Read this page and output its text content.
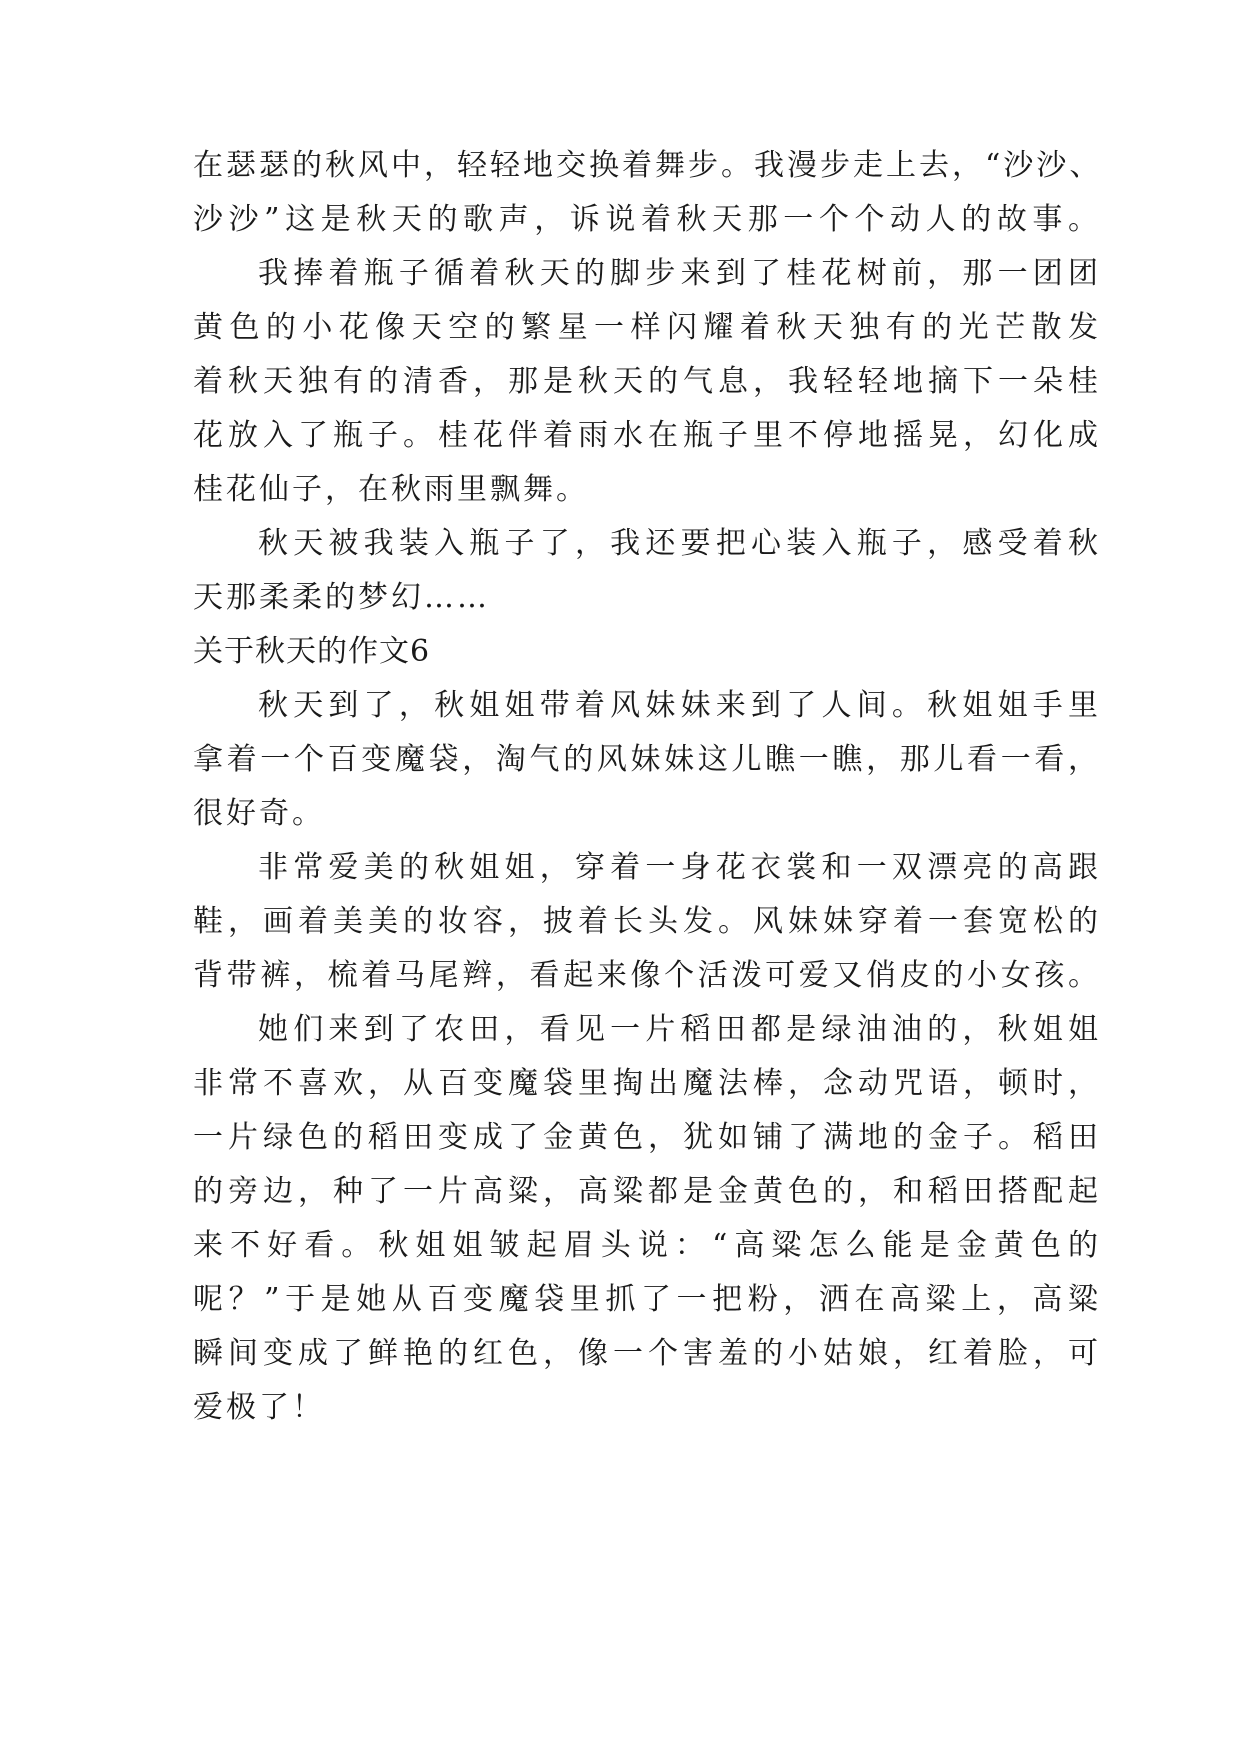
在瑟瑟的秋风中，轻轻地交换着舞步。我漫步走上去，“沙沙、
沙沙”这是秋天的歌声，诉说着秋天那一个个动人的故事。
我捧着瓶子循着秋天的脚步来到了桂花树前，那一团团
黄色的小花像天空的繁星一样闪耀着秋天独有的光芒散发
着秋天独有的清香，那是秋天的气息，我轻轻地摘下一朵桂
花放入了瓶子。桂花伴着雨水在瓶子里不停地摇晃，幻化成
桂花仙子，在秋雨里飘舞。
秋天被我装入瓶子了，我还要把心装入瓶子，感受着秋
天那柔柔的梦幻……
关于秋天的作文6
秋天到了，秋姐姐带着风妹妹来到了人间。秋姐姐手里
拿着一个百变魔袋，淘气的风妹妹这儿瞧一瞧，那儿看一看，
很好奇。
非常爱美的秋姐姐，穿着一身花衣裳和一双漂亮的高跟
鞋，画着美美的妆容，披着长头发。风妹妹穿着一套宽松的
背带裤，梳着马尾辫，看起来像个活泼可爱又俏皮的小女孩。
她们来到了农田，看见一片稻田都是绿油油的，秋姐姐
非常不喜欢，从百变魔袋里掏出魔法棒，念动咒语，顿时，
一片绿色的稻田变成了金黄色，犹如铺了满地的金子。稻田
的旁边，种了一片高粱，高粱都是金黄色的，和稻田搭配起
来不好看。秋姐姐皱起眉头说：“高粱怎么能是金黄色的
呢？”于是她从百变魔袋里抓了一把粉，洒在高粱上，高粱
瞬间变成了鲜艳的红色，像一个害羞的小姑娘，红着脸，可
爱极了！
